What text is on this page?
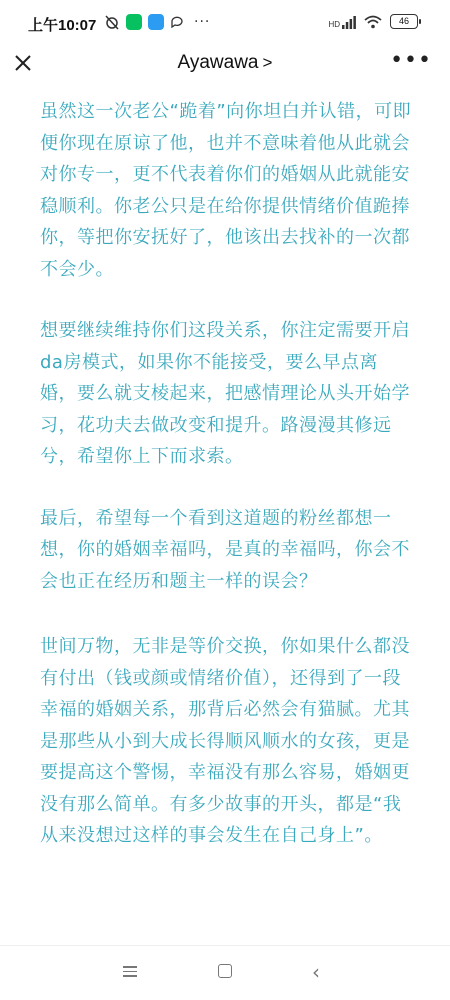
上午10:07	···	HD	46
Ayawawa >	•••

虽然这一次老公“跪着”向你坦白并认错，可即便你现在原谅了他，也并不意味着他从此就会对你专一，更不代表着你们的婚姻从此就能安稳顺利。你老公只是在给你提供情绪价值跪捧你，等把你安抚好了，他该出去找补的一次都不会少。

想要继续维持你们这段关系，你注定需要开启da房模式，如果你不能接受，要么早点离婚，要么就支棱起来，把感情理论从头开始学习，花功夫去做改变和提升。路漫漫其修远兮，希望你上下而求索。

最后，希望每一个看到这道题的粉丝都想一想，你的婚姻幸福吗，是真的幸福吗，你会不会也正在经历和题主一样的误会？

世间万物，无非是等价交换，你如果什么都没有付出（钱或颜或情绪价值），还得到了一段幸福的婚姻关系，那背后必然会有猫腻。尤其是那些从小到大成长得顺风顺水的女孩，更是要提高这个警惕，幸福没有那么容易，婚姻更没有那么简单。有多少故事的开头，都是“我从来没想过这样的事会发生在自己身上”。

‹
